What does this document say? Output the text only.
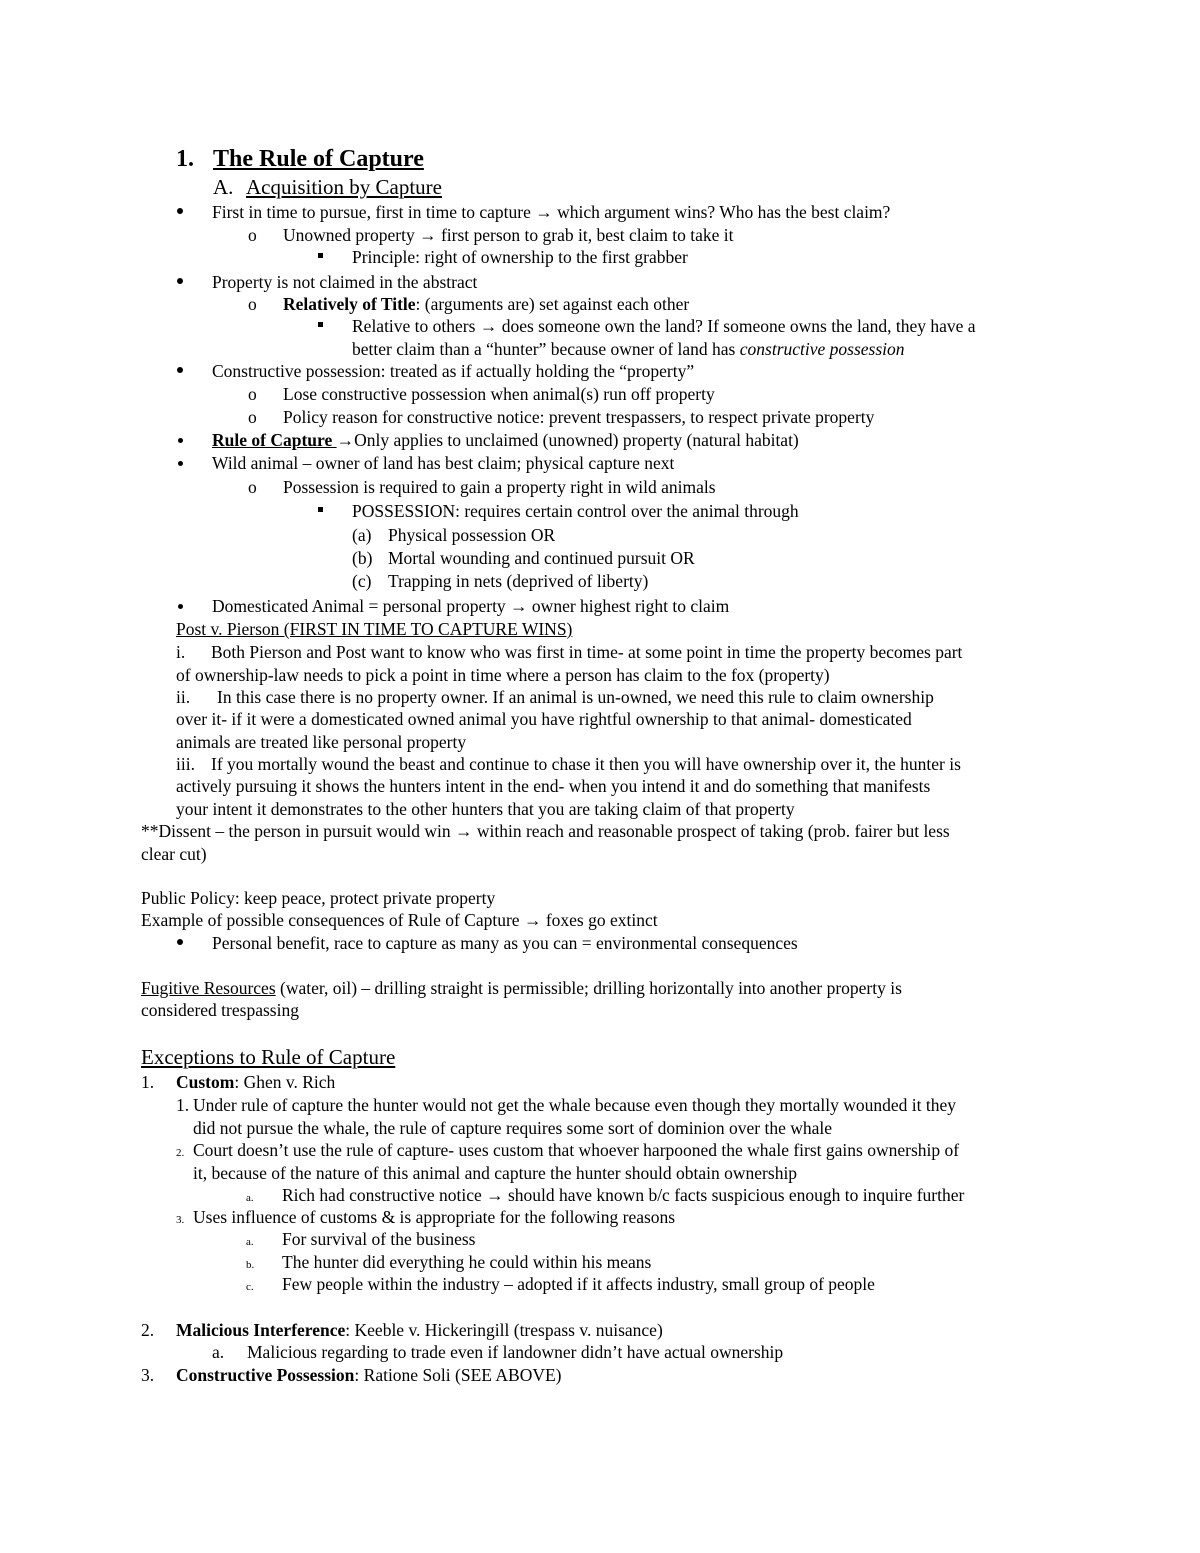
1. The Rule of Capture
A. Acquisition by Capture
First in time to pursue, first in time to capture → which argument wins? Who has the best claim?
o Unowned property → first person to grab it, best claim to take it
Principle: right of ownership to the first grabber
Property is not claimed in the abstract
o Relatively of Title: (arguments are) set against each other
Relative to others → does someone own the land? If someone owns the land, they have a
better claim than a “hunter” because owner of land has constructive possession
Constructive possession: treated as if actually holding the “property”
o Lose constructive possession when animal(s) run off property
o Policy reason for constructive notice: prevent trespassers, to respect private property
Rule of Capture →Only applies to unclaimed (unowned) property (natural habitat)
Wild animal – owner of land has best claim; physical capture next
o Possession is required to gain a property right in wild animals
POSSESSION: requires certain control over the animal through
(a) Physical possession OR
(b) Mortal wounding and continued pursuit OR
(c) Trapping in nets (deprived of liberty)
Domesticated Animal = personal property → owner highest right to claim
Post v. Pierson (FIRST IN TIME TO CAPTURE WINS)
i. Both Pierson and Post want to know who was first in time- at some point in time the property becomes part
of ownership-law needs to pick a point in time where a person has claim to the fox (property)
ii. In this case there is no property owner. If an animal is un-owned, we need this rule to claim ownership
over it- if it were a domesticated owned animal you have rightful ownership to that animal- domesticated
animals are treated like personal property
iii. If you mortally wound the beast and continue to chase it then you will have ownership over it, the hunter is
actively pursuing it shows the hunters intent in the end- when you intend it and do something that manifests
your intent it demonstrates to the other hunters that you are taking claim of that property
**Dissent – the person in pursuit would win → within reach and reasonable prospect of taking (prob. fairer but less
clear cut)
Public Policy: keep peace, protect private property
Example of possible consequences of Rule of Capture → foxes go extinct
Personal benefit, race to capture as many as you can = environmental consequences
Fugitive Resources (water, oil) – drilling straight is permissible; drilling horizontally into another property is
considered trespassing
Exceptions to Rule of Capture
1. Custom: Ghen v. Rich
1. Under rule of capture the hunter would not get the whale because even though they mortally wounded it they
did not pursue the whale, the rule of capture requires some sort of dominion over the whale
2. Court doesn’t use the rule of capture- uses custom that whoever harpooned the whale first gains ownership of
it, because of the nature of this animal and capture the hunter should obtain ownership
a. Rich had constructive notice → should have known b/c facts suspicious enough to inquire further
3. Uses influence of customs & is appropriate for the following reasons
a. For survival of the business
b. The hunter did everything he could within his means
c. Few people within the industry – adopted if it affects industry, small group of people
2. Malicious Interference: Keeble v. Hickeringill (trespass v. nuisance)
a. Malicious regarding to trade even if landowner didn’t have actual ownership
3. Constructive Possession: Ratione Soli (SEE ABOVE)
